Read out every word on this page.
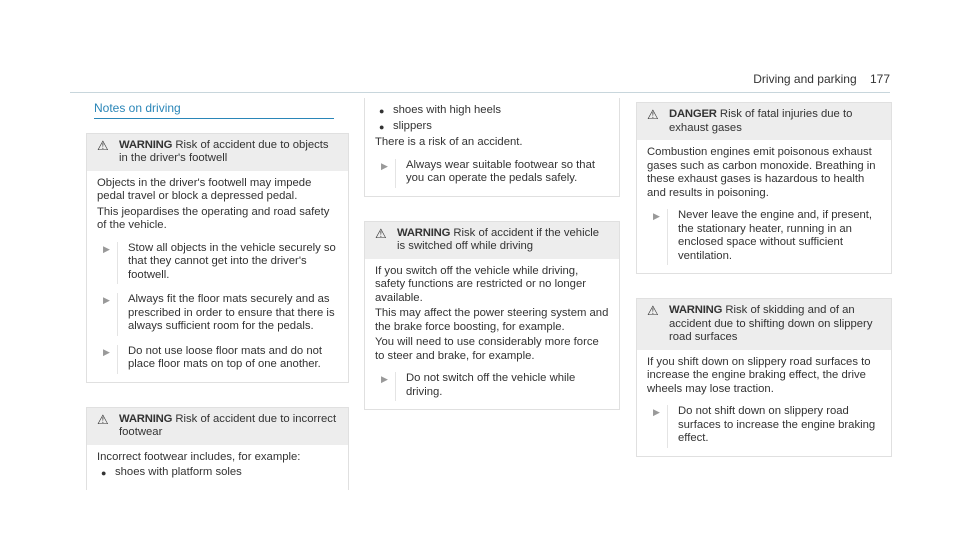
Driving and parking 177
Notes on driving
⚠ WARNING Risk of accident due to objects in the driver's footwell

Objects in the driver's footwell may impede pedal travel or block a depressed pedal.

This jeopardises the operating and road safety of the vehicle.

▶	Stow all objects in the vehicle securely so that they cannot get into the driver's footwell.
▶	Always fit the floor mats securely and as prescribed in order to ensure that there is always sufficient room for the pedals.
▶	Do not use loose floor mats and do not place floor mats on top of one another.
⚠ WARNING Risk of accident due to incorrect footwear

Incorrect footwear includes, for example:

● shoes with platform soles
● shoes with high heels
● slippers

There is a risk of an accident.

▶	Always wear suitable footwear so that you can operate the pedals safely.
⚠ WARNING Risk of accident if the vehicle is switched off while driving

If you switch off the vehicle while driving, safety functions are restricted or no longer available.

This may affect the power steering system and the brake force boosting, for example.

You will need to use considerably more force to steer and brake, for example.

▶	Do not switch off the vehicle while driving.
⚠ DANGER Risk of fatal injuries due to exhaust gases

Combustion engines emit poisonous exhaust gases such as carbon monoxide. Breathing in these exhaust gases is hazardous to health and results in poisoning.

▶	Never leave the engine and, if present, the stationary heater, running in an enclosed space without sufficient ventilation.
⚠ WARNING Risk of skidding and of an accident due to shifting down on slippery road surfaces

If you shift down on slippery road surfaces to increase the engine braking effect, the drive wheels may lose traction.

▶	Do not shift down on slippery road surfaces to increase the engine braking effect.
